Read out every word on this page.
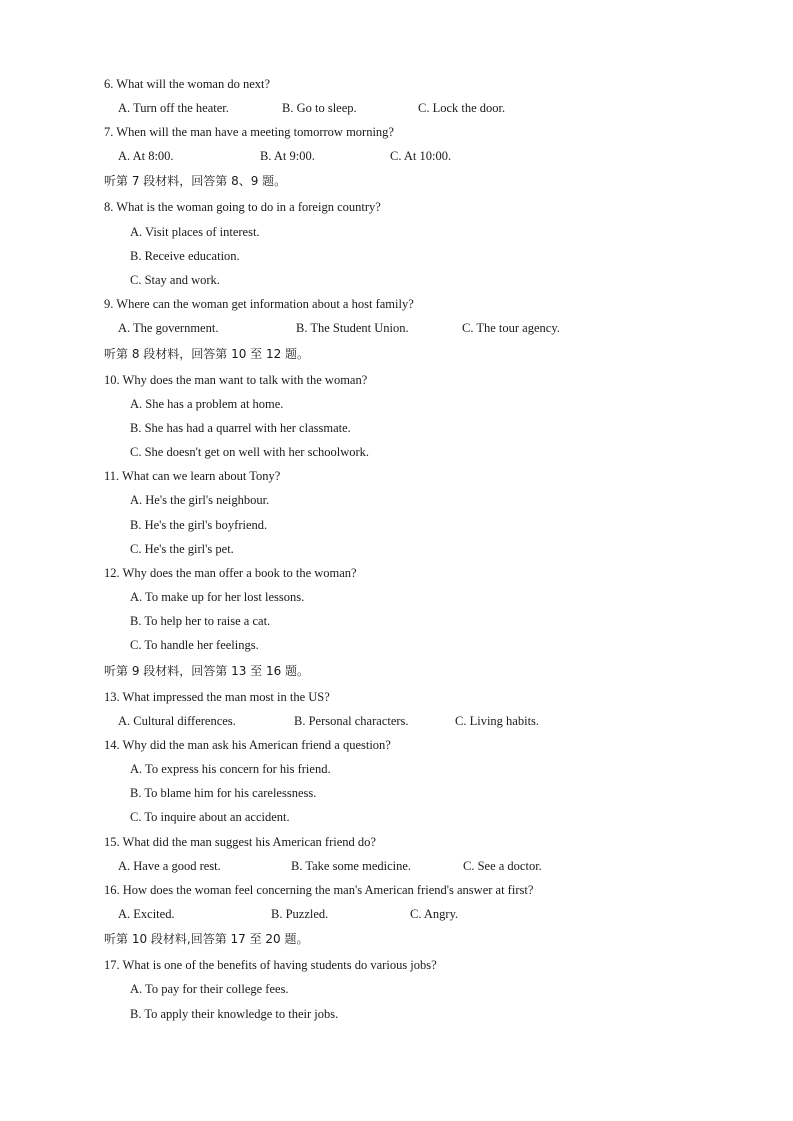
6. What will the woman do next?
A. Turn off the heater.	B. Go to sleep.	C. Lock the door.
7. When will the man have a meeting tomorrow morning?
A. At 8:00.	B. At 9:00.	C. At 10:00.
听第 7 段材料，回答第 8、9 题。
8. What is the woman going to do in a foreign country?
A. Visit places of interest.
B. Receive education.
C. Stay and work.
9. Where can the woman get information about a host family?
A. The government.	B. The Student Union.	C. The tour agency.
听第 8 段材料，回答第 10 至 12 题。
10. Why does the man want to talk with the woman?
A. She has a problem at home.
B. She has had a quarrel with her classmate.
C. She doesn't get on well with her schoolwork.
11. What can we learn about Tony?
A. He's the girl's neighbour.
B. He's the girl's boyfriend.
C. He's the girl's pet.
12. Why does the man offer a book to the woman?
A. To make up for her lost lessons.
B. To help her to raise a cat.
C. To handle her feelings.
听第 9 段材料，回答第 13 至 16 题。
13. What impressed the man most in the US?
A. Cultural differences.	B. Personal characters.	C. Living habits.
14. Why did the man ask his American friend a question?
A. To express his concern for his friend.
B. To blame him for his carelessness.
C. To inquire about an accident.
15. What did the man suggest his American friend do?
A. Have a good rest.	B. Take some medicine.	C. See a doctor.
16. How does the woman feel concerning the man's American friend's answer at first?
A. Excited.	B. Puzzled.	C. Angry.
听第 10 段材料,回答第 17 至 20 题。
17. What is one of the benefits of having students do various jobs?
A. To pay for their college fees.
B. To apply their knowledge to their jobs.
